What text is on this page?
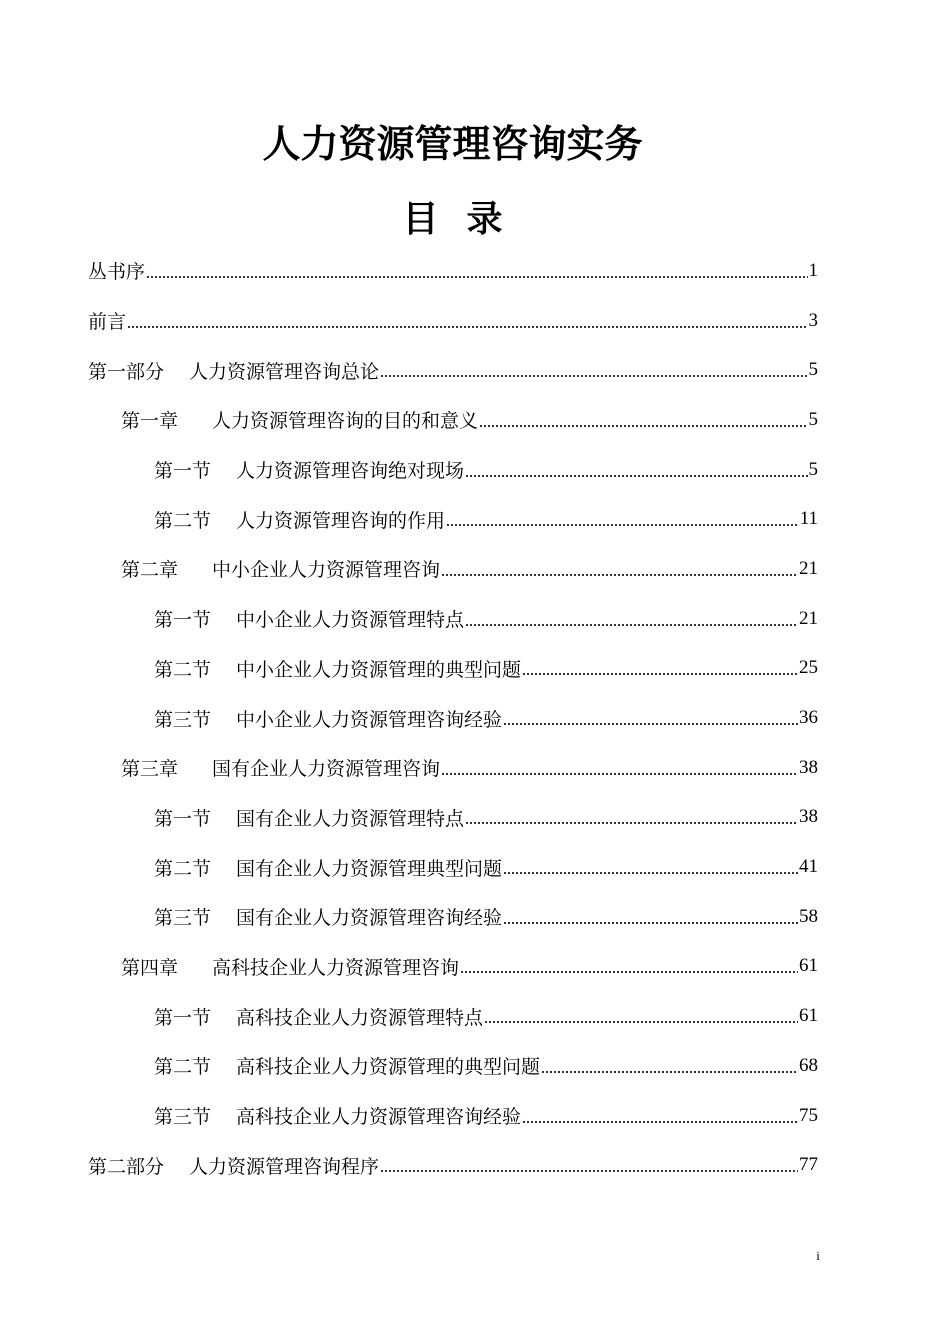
人力资源管理咨询实务
目录
丛书序	1
前言	3
第一部分 人力资源管理咨询总论	5
第一章 人力资源管理咨询的目的和意义	5
第一节 人力资源管理咨询绝对现场	5
第二节 人力资源管理咨询的作用	11
第二章 中小企业人力资源管理咨询	21
第一节 中小企业人力资源管理特点	21
第二节 中小企业人力资源管理的典型问题	25
第三节 中小企业人力资源管理咨询经验	36
第三章 国有企业人力资源管理咨询	38
第一节 国有企业人力资源管理特点	38
第二节 国有企业人力资源管理典型问题	41
第三节 国有企业人力资源管理咨询经验	58
第四章 高科技企业人力资源管理咨询	61
第一节 高科技企业人力资源管理特点	61
第二节 高科技企业人力资源管理的典型问题	68
第三节 高科技企业人力资源管理咨询经验	75
第二部分 人力资源管理咨询程序	77
i
